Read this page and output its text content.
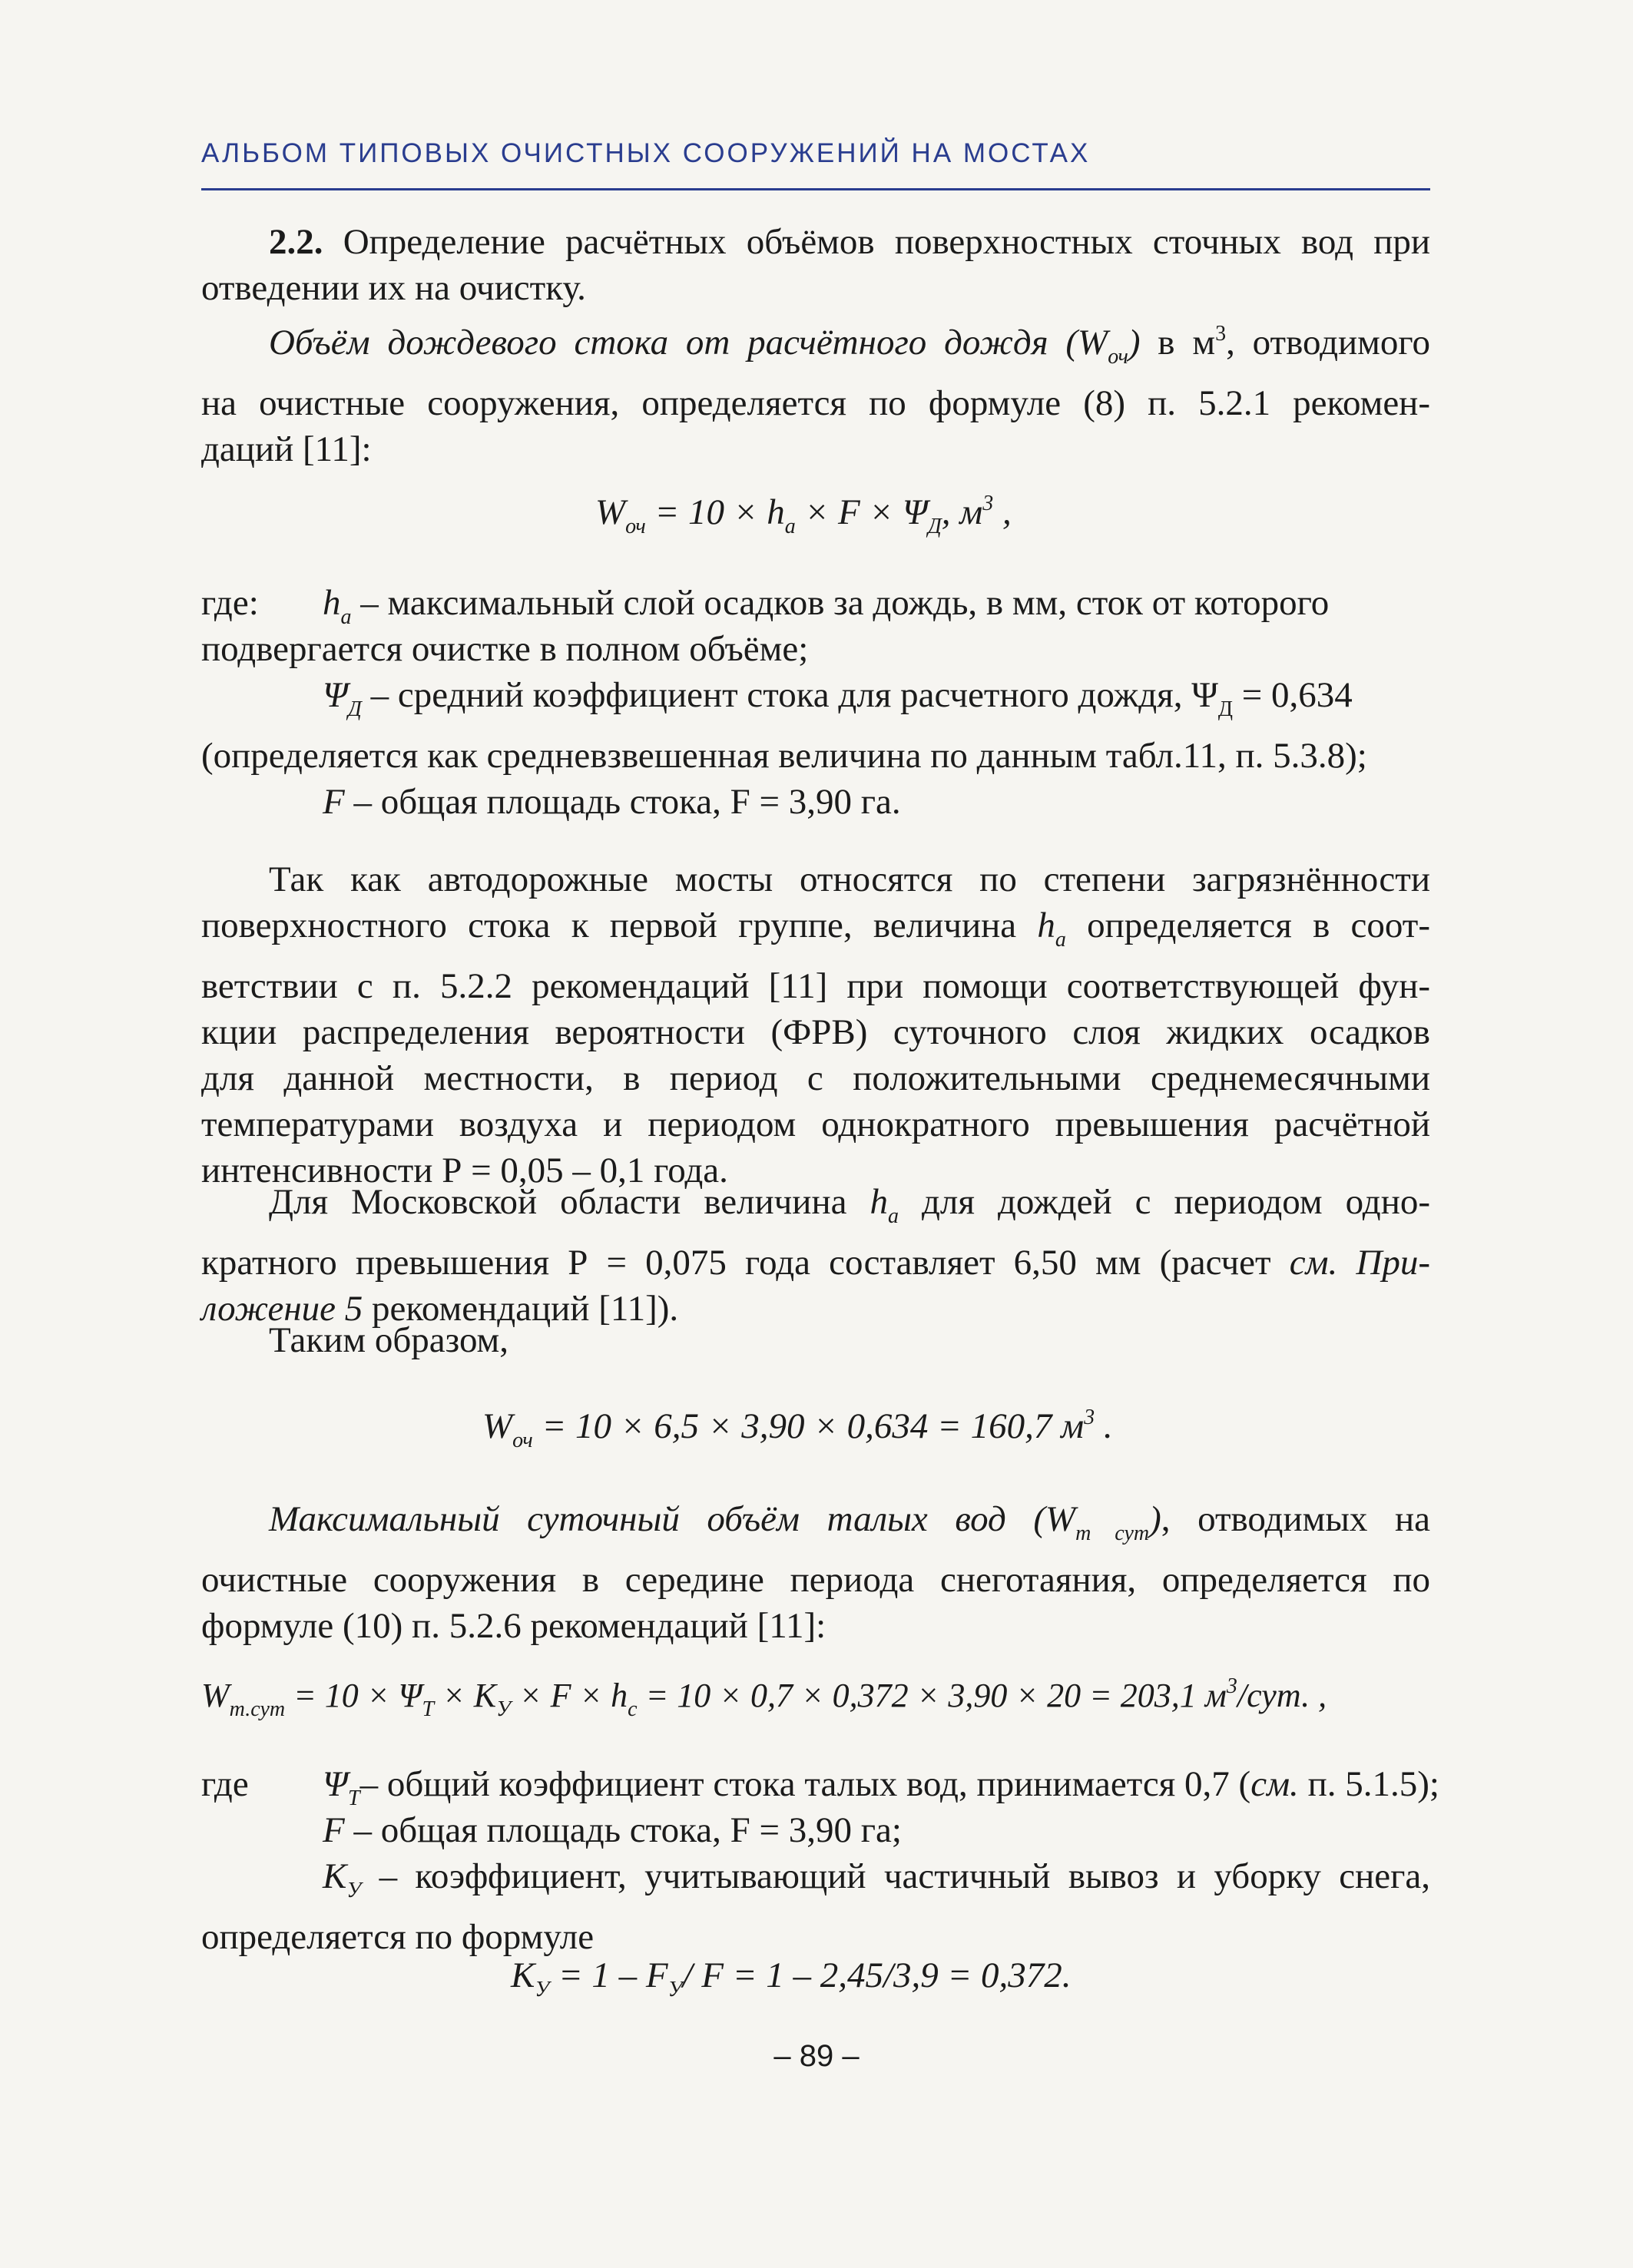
АЛЬБОМ ТИПОВЫХ ОЧИСТНЫХ СООРУЖЕНИЙ НА МОСТАХ
2.2. Определение расчётных объёмов поверхностных сточных вод при
отведении их на очистку.
Объём дождевого стока от расчётного дождя $(W_{оч})$ в $м^3$, отводимого
на очистные сооружения, определяется по формуле (8) п. 5.2.1 рекомен-
даций [11]:
$W_{оч} = 10 \times h_а \times F \times \Psi_Д$, $м^3$ ,
где: $h_а$ – максимальный слой осадков за дождь, в мм, сток от которого

подвергается очистке в полном объёме;
$\Psi_Д$ – средний коэффициент стока для расчетного дождя, $\Psi_Д = 0,634$
(определяется как средневзвешенная величина по данным табл.11, п. 5.3.8);
F – общая площадь стока, F = 3,90 га.
Так как автодорожные мосты относятся по степени загрязнённости
поверхностного стока к первой группе, величина $h_а$ определяется в соот-
ветствии с п. 5.2.2 рекомендаций [11] при помощи соответствующей фун-
кции распределения вероятности (ФРВ) суточного слоя жидких осадков
для данной местности, в период с положительными среднемесячными
температурами воздуха и периодом однократного превышения расчётной
интенсивности Р = 0,05 – 0,1 года.
Для Московской области величина $h_а$ для дождей с периодом одно-
кратного превышения Р = 0,075 года составляет 6,50 мм (расчет см. При-
ложение 5 рекомендаций [11]).
Таким образом,
$W_{оч} = 10 \times 6,5 \times 3,90 \times 0,634 = 160,7$ $м^3$ .
Максимальный суточный объём талых вод $(W_{т сут})$, отводимых на
очистные сооружения в середине периода снеготаяния, определяется по
формуле (10) п. 5.2.6 рекомендаций [11]:
$W_{т.сут} = 10 \times \Psi_Т \times K_У \times F \times h_с = 10 \times 0,7 \times 0,372 \times 3,90 \times 20 = 203,1$ $м^3$/сут. ,
где $\Psi_Т-$ общий коэффициент стока талых вод, принимается 0,7 (см. п. 5.1.5);

F – общая площадь стока, F = 3,90 га;
$K_У$ – коэффициент, учитывающий частичный вывоз и уборку снега,
определяется по формуле
$K_У = 1 - F_У/$ F = 1 – 2,45/3,9 = 0,372.
– 89 –
